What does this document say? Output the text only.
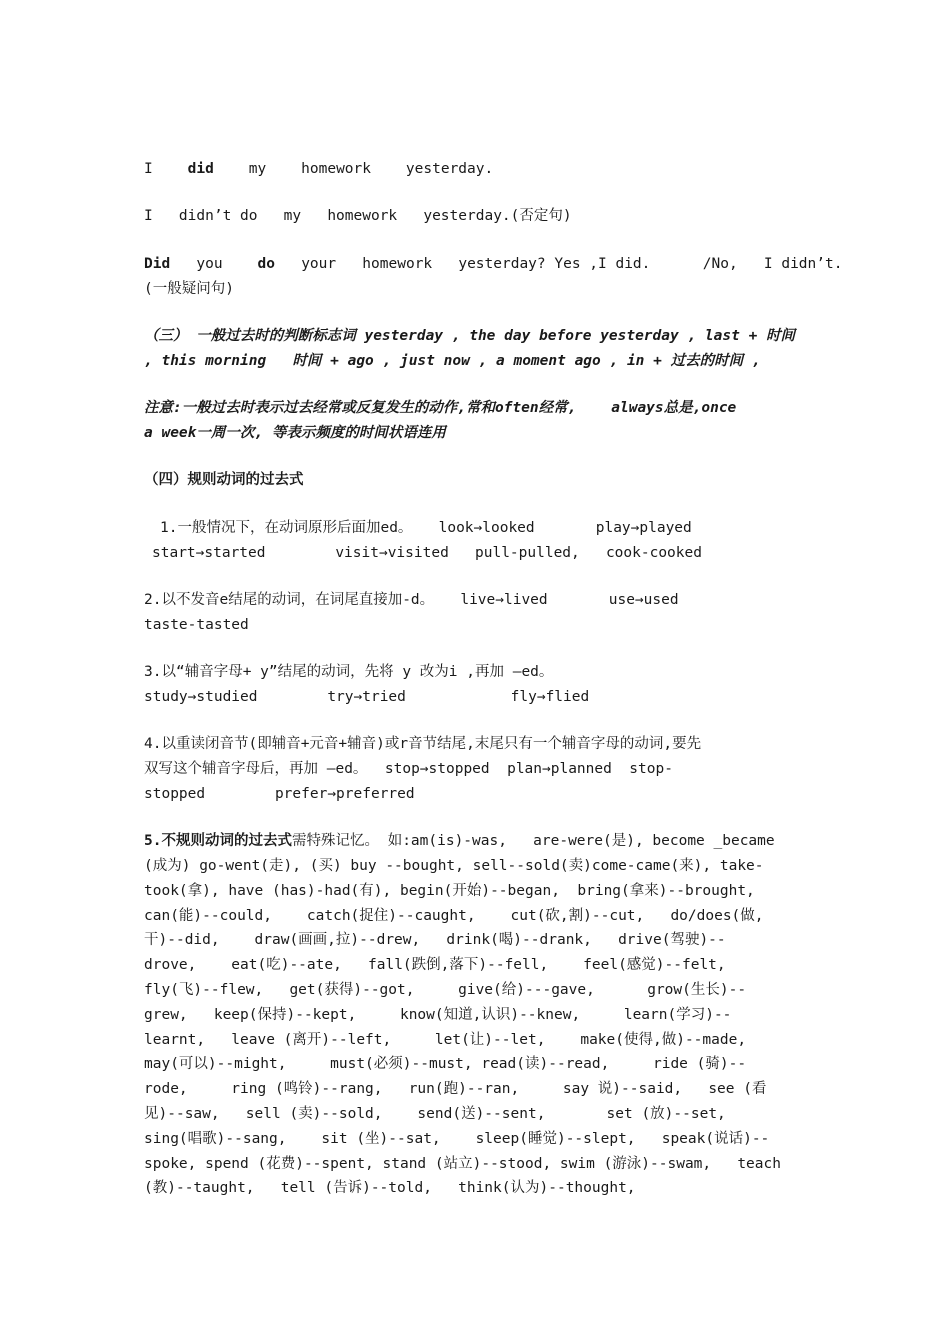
I did my    homework    yesterday.

I   didn’t do   my   homework   yesterday.(否定句)

Did you do your   homework   yesterday? Yes ,I did.      /No,   I didn’t.

(一般疑问句)

（三） 一般过去时的判断标志词 yesterday , the day before yesterday , last + 时间

, this morning   时间 + ago , just now , a moment ago , in + 过去的时间 ,

注意:一般过去时表示过去经常或反复发生的动作,常和often经常,    always总是,once

a week一周一次, 等表示频度的时间状语连用

（四）规则动词的过去式

1.一般情况下，在动词原形后面加ed。   look→looked       play→played

start→started        visit→visited   pull-pulled,   cook-cooked

2.以不发音e结尾的动词，在词尾直接加-d。   live→lived       use→used

taste-tasted

3.以“辅音字母+ y”结尾的动词，先将 y 改为i ,再加 –ed。

study→studied        try→tried            fly→flied

4.以重读闭音节(即辅音+元音+辅音)或r音节结尾,末尾只有一个辅音字母的动词,要先

双写这个辅音字母后，再加 –ed。  stop→stopped  plan→planned  stop-

stopped        prefer→preferred

5.不规则动词的过去式需特殊记忆。 如:am(is)-was,   are-were(是), become _became

(成为) go-went(走), (买) buy --bought, sell--sold(卖)come-came(来), take-

took(拿), have (has)-had(有), begin(开始)--began,  bring(拿来)--brought,

can(能)--could,    catch(捉住)--caught,    cut(砍,割)--cut,   do/does(做,

干)--did,    draw(画画,拉)--drew,   drink(喝)--drank,   drive(驾驶)--

drove,    eat(吃)--ate,   fall(跌倒,落下)--fell,    feel(感觉)--felt,

fly(飞)--flew,   get(获得)--got,     give(给)---gave,      grow(生长)--

grew,   keep(保持)--kept,     know(知道,认识)--knew,     learn(学习)--

learnt,   leave (离开)--left,     let(让)--let,    make(使得,做)--made,

may(可以)--might,     must(必须)--must, read(读)--read,     ride (骑)--

rode,     ring (鸣铃)--rang,   run(跑)--ran,     say 说)--said,   see (看

见)--saw,   sell (卖)--sold,    send(送)--sent,       set (放)--set,

sing(唱歌)--sang,    sit (坐)--sat,    sleep(睡觉)--slept,   speak(说话)--

spoke, spend (花费)--spent, stand (站立)--stood, swim (游泳)--swam,   teach

(教)--taught,   tell (告诉)--told,   think(认为)--thought,
